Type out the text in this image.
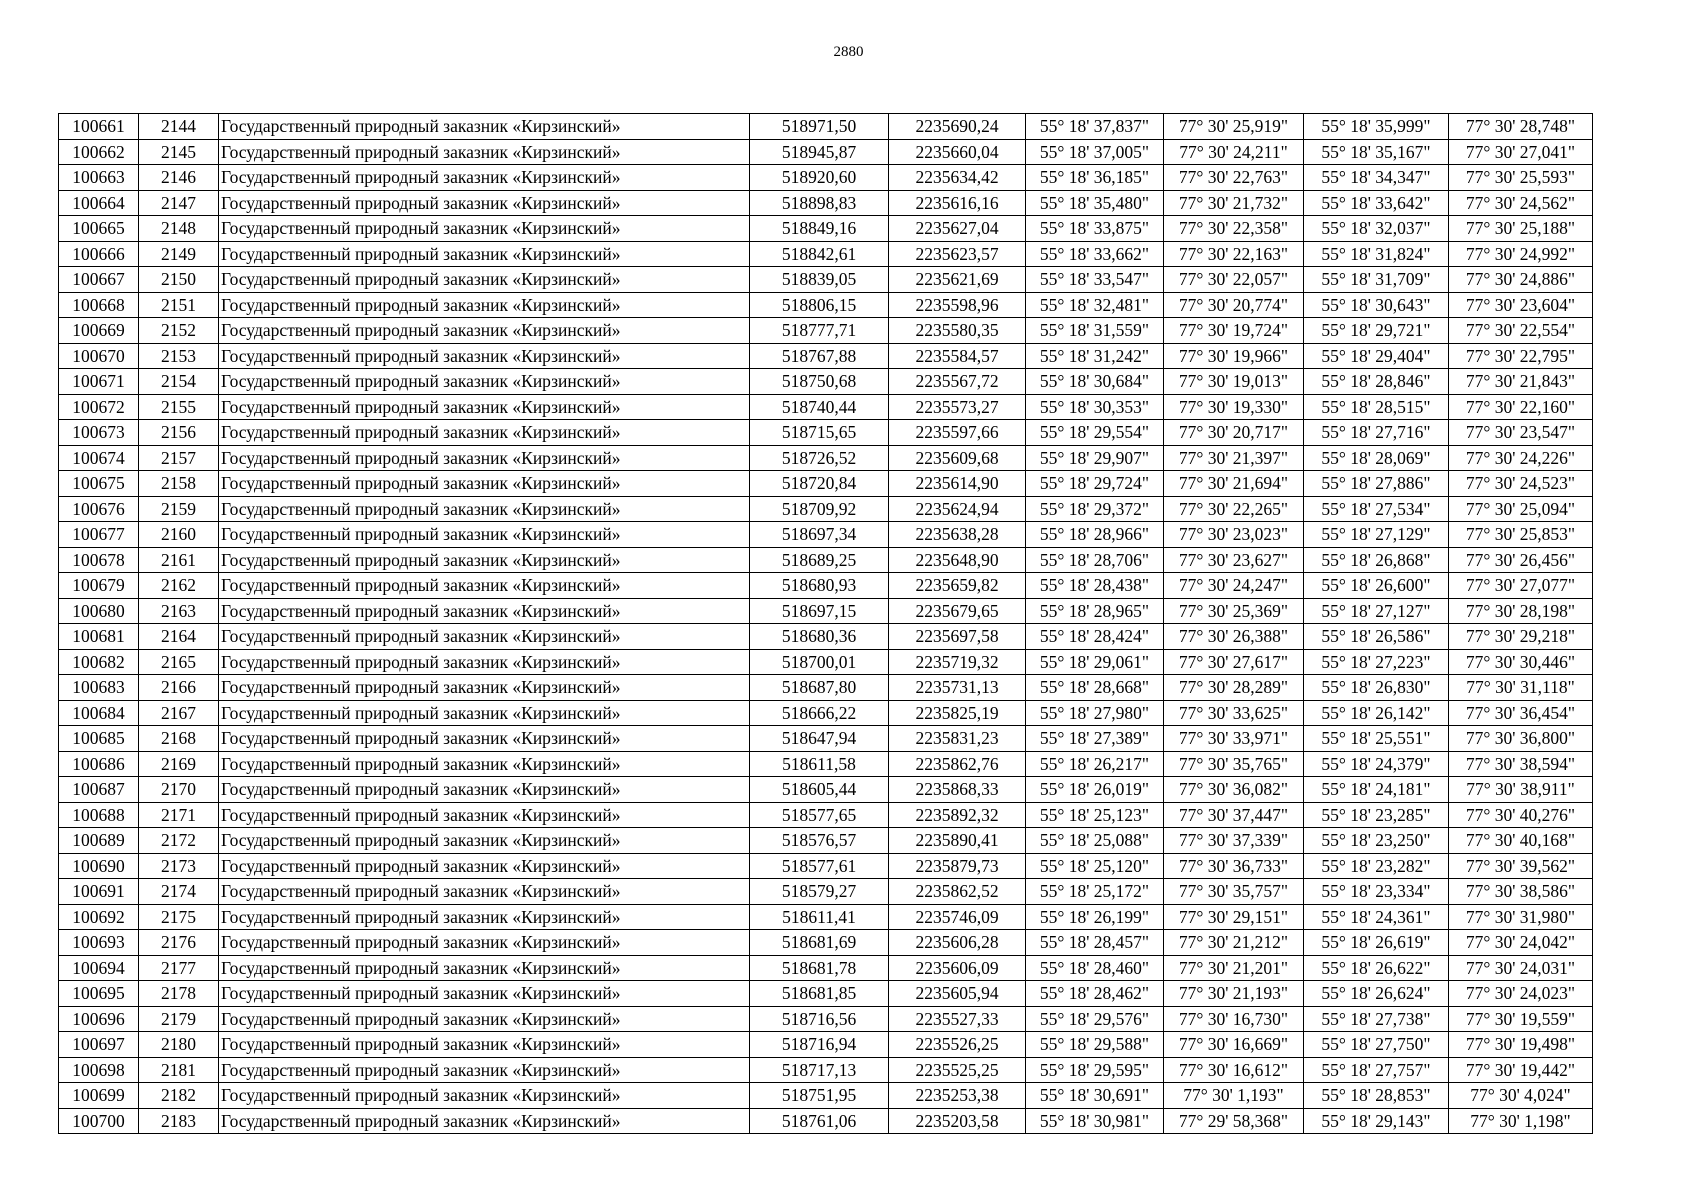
2880
100661	2144	Государственный природный заказник «Кирзинский»	518971,50	2235690,24	55° 18' 37,837"	77° 30' 25,919"	55° 18' 35,999"	77° 30' 28,748"
100662	2145	Государственный природный заказник «Кирзинский»	518945,87	2235660,04	55° 18' 37,005"	77° 30' 24,211"	55° 18' 35,167"	77° 30' 27,041"
100663	2146	Государственный природный заказник «Кирзинский»	518920,60	2235634,42	55° 18' 36,185"	77° 30' 22,763"	55° 18' 34,347"	77° 30' 25,593"
100664	2147	Государственный природный заказник «Кирзинский»	518898,83	2235616,16	55° 18' 35,480"	77° 30' 21,732"	55° 18' 33,642"	77° 30' 24,562"
100665	2148	Государственный природный заказник «Кирзинский»	518849,16	2235627,04	55° 18' 33,875"	77° 30' 22,358"	55° 18' 32,037"	77° 30' 25,188"
100666	2149	Государственный природный заказник «Кирзинский»	518842,61	2235623,57	55° 18' 33,662"	77° 30' 22,163"	55° 18' 31,824"	77° 30' 24,992"
100667	2150	Государственный природный заказник «Кирзинский»	518839,05	2235621,69	55° 18' 33,547"	77° 30' 22,057"	55° 18' 31,709"	77° 30' 24,886"
100668	2151	Государственный природный заказник «Кирзинский»	518806,15	2235598,96	55° 18' 32,481"	77° 30' 20,774"	55° 18' 30,643"	77° 30' 23,604"
100669	2152	Государственный природный заказник «Кирзинский»	518777,71	2235580,35	55° 18' 31,559"	77° 30' 19,724"	55° 18' 29,721"	77° 30' 22,554"
100670	2153	Государственный природный заказник «Кирзинский»	518767,88	2235584,57	55° 18' 31,242"	77° 30' 19,966"	55° 18' 29,404"	77° 30' 22,795"
100671	2154	Государственный природный заказник «Кирзинский»	518750,68	2235567,72	55° 18' 30,684"	77° 30' 19,013"	55° 18' 28,846"	77° 30' 21,843"
100672	2155	Государственный природный заказник «Кирзинский»	518740,44	2235573,27	55° 18' 30,353"	77° 30' 19,330"	55° 18' 28,515"	77° 30' 22,160"
100673	2156	Государственный природный заказник «Кирзинский»	518715,65	2235597,66	55° 18' 29,554"	77° 30' 20,717"	55° 18' 27,716"	77° 30' 23,547"
100674	2157	Государственный природный заказник «Кирзинский»	518726,52	2235609,68	55° 18' 29,907"	77° 30' 21,397"	55° 18' 28,069"	77° 30' 24,226"
100675	2158	Государственный природный заказник «Кирзинский»	518720,84	2235614,90	55° 18' 29,724"	77° 30' 21,694"	55° 18' 27,886"	77° 30' 24,523"
100676	2159	Государственный природный заказник «Кирзинский»	518709,92	2235624,94	55° 18' 29,372"	77° 30' 22,265"	55° 18' 27,534"	77° 30' 25,094"
100677	2160	Государственный природный заказник «Кирзинский»	518697,34	2235638,28	55° 18' 28,966"	77° 30' 23,023"	55° 18' 27,129"	77° 30' 25,853"
100678	2161	Государственный природный заказник «Кирзинский»	518689,25	2235648,90	55° 18' 28,706"	77° 30' 23,627"	55° 18' 26,868"	77° 30' 26,456"
100679	2162	Государственный природный заказник «Кирзинский»	518680,93	2235659,82	55° 18' 28,438"	77° 30' 24,247"	55° 18' 26,600"	77° 30' 27,077"
100680	2163	Государственный природный заказник «Кирзинский»	518697,15	2235679,65	55° 18' 28,965"	77° 30' 25,369"	55° 18' 27,127"	77° 30' 28,198"
100681	2164	Государственный природный заказник «Кирзинский»	518680,36	2235697,58	55° 18' 28,424"	77° 30' 26,388"	55° 18' 26,586"	77° 30' 29,218"
100682	2165	Государственный природный заказник «Кирзинский»	518700,01	2235719,32	55° 18' 29,061"	77° 30' 27,617"	55° 18' 27,223"	77° 30' 30,446"
100683	2166	Государственный природный заказник «Кирзинский»	518687,80	2235731,13	55° 18' 28,668"	77° 30' 28,289"	55° 18' 26,830"	77° 30' 31,118"
100684	2167	Государственный природный заказник «Кирзинский»	518666,22	2235825,19	55° 18' 27,980"	77° 30' 33,625"	55° 18' 26,142"	77° 30' 36,454"
100685	2168	Государственный природный заказник «Кирзинский»	518647,94	2235831,23	55° 18' 27,389"	77° 30' 33,971"	55° 18' 25,551"	77° 30' 36,800"
100686	2169	Государственный природный заказник «Кирзинский»	518611,58	2235862,76	55° 18' 26,217"	77° 30' 35,765"	55° 18' 24,379"	77° 30' 38,594"
100687	2170	Государственный природный заказник «Кирзинский»	518605,44	2235868,33	55° 18' 26,019"	77° 30' 36,082"	55° 18' 24,181"	77° 30' 38,911"
100688	2171	Государственный природный заказник «Кирзинский»	518577,65	2235892,32	55° 18' 25,123"	77° 30' 37,447"	55° 18' 23,285"	77° 30' 40,276"
100689	2172	Государственный природный заказник «Кирзинский»	518576,57	2235890,41	55° 18' 25,088"	77° 30' 37,339"	55° 18' 23,250"	77° 30' 40,168"
100690	2173	Государственный природный заказник «Кирзинский»	518577,61	2235879,73	55° 18' 25,120"	77° 30' 36,733"	55° 18' 23,282"	77° 30' 39,562"
100691	2174	Государственный природный заказник «Кирзинский»	518579,27	2235862,52	55° 18' 25,172"	77° 30' 35,757"	55° 18' 23,334"	77° 30' 38,586"
100692	2175	Государственный природный заказник «Кирзинский»	518611,41	2235746,09	55° 18' 26,199"	77° 30' 29,151"	55° 18' 24,361"	77° 30' 31,980"
100693	2176	Государственный природный заказник «Кирзинский»	518681,69	2235606,28	55° 18' 28,457"	77° 30' 21,212"	55° 18' 26,619"	77° 30' 24,042"
100694	2177	Государственный природный заказник «Кирзинский»	518681,78	2235606,09	55° 18' 28,460"	77° 30' 21,201"	55° 18' 26,622"	77° 30' 24,031"
100695	2178	Государственный природный заказник «Кирзинский»	518681,85	2235605,94	55° 18' 28,462"	77° 30' 21,193"	55° 18' 26,624"	77° 30' 24,023"
100696	2179	Государственный природный заказник «Кирзинский»	518716,56	2235527,33	55° 18' 29,576"	77° 30' 16,730"	55° 18' 27,738"	77° 30' 19,559"
100697	2180	Государственный природный заказник «Кирзинский»	518716,94	2235526,25	55° 18' 29,588"	77° 30' 16,669"	55° 18' 27,750"	77° 30' 19,498"
100698	2181	Государственный природный заказник «Кирзинский»	518717,13	2235525,25	55° 18' 29,595"	77° 30' 16,612"	55° 18' 27,757"	77° 30' 19,442"
100699	2182	Государственный природный заказник «Кирзинский»	518751,95	2235253,38	55° 18' 30,691"	77° 30' 1,193"	55° 18' 28,853"	77° 30' 4,024"
100700	2183	Государственный природный заказник «Кирзинский»	518761,06	2235203,58	55° 18' 30,981"	77° 29' 58,368"	55° 18' 29,143"	77° 30' 1,198"
